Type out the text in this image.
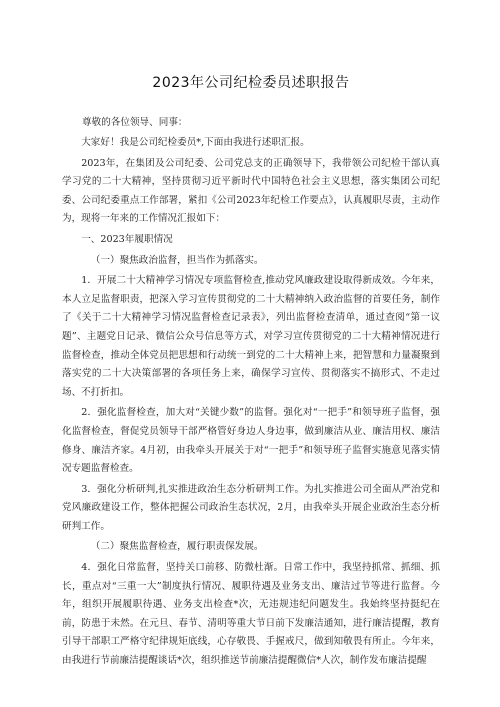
2023年公司纪检委员述职报告

尊敬的各位领导、同事：

大家好！我是公司纪检委员*,下面由我进行述职汇报。

2023年，在集团及公司纪委、公司党总支的正确领导下，我带领公司纪检干部认真学习党的二十大精神，坚持贯彻习近平新时代中国特色社会主义思想，落实集团公司纪委、公司纪委重点工作部署，紧扣《公司2023年纪检工作要点》，认真履职尽责，主动作为，现将一年来的工作情况汇报如下：

一、2023年履职情况

（一）聚焦政治监督，担当作为抓落实。

1．开展二十大精神学习情况专项监督检查,推动党风廉政建设取得新成效。今年来，本人立足监督职责，把深入学习宣传贯彻党的二十大精神纳入政治监督的首要任务，制作了《关于二十大精神学习情况监督检查记录表》，列出监督检查清单，通过查阅“第一议题”、主题党日记录、微信公众号信息等方式，对学习宣传贯彻党的二十大精神情况进行监督检查，推动全体党员把思想和行动统一到党的二十大精神上来，把智慧和力量凝聚到落实党的二十大决策部署的各项任务上来，确保学习宣传、贯彻落实不搞形式、不走过场、不打折扣。

2．强化监督检查，加大对“关键少数”的监督。强化对“一把手”和领导班子监督，强化监督检查，督促党员领导干部严格管好身边人身边事，做到廉洁从业、廉洁用权、廉洁修身、廉洁齐家。4月初，由我牵头开展关于对“一把手”和领导班子监督实施意见落实情况专题监督检查。

3．强化分析研判,扎实推进政治生态分析研判工作。为扎实推进公司全面从严治党和党风廉政建设工作，整体把握公司政治生态状况，2月，由我牵头开展企业政治生态分析研判工作。

（二）聚焦监督检查，履行职责保发展。

4．强化日常监督，坚持关口前移、防微杜渐。日常工作中，我坚持抓常、抓细、抓长，重点对“三重一大”制度执行情况、履职待遇及业务支出、廉洁过节等进行监督。今年，组织开展履职待遇、业务支出检查*次，无违规违纪问题发生。我始终坚持挺纪在前，防患于未然。在元旦、春节、清明等重大节日前下发廉洁通知，进行廉洁提醒，教育引导干部职工严格守纪律规矩底线，心存敬畏、手握戒尺，做到知敬畏有所止。今年来，由我进行节前廉洁提醒谈话*次，组织推送节前廉洁提醒微信*人次，制作发布廉洁提醒
